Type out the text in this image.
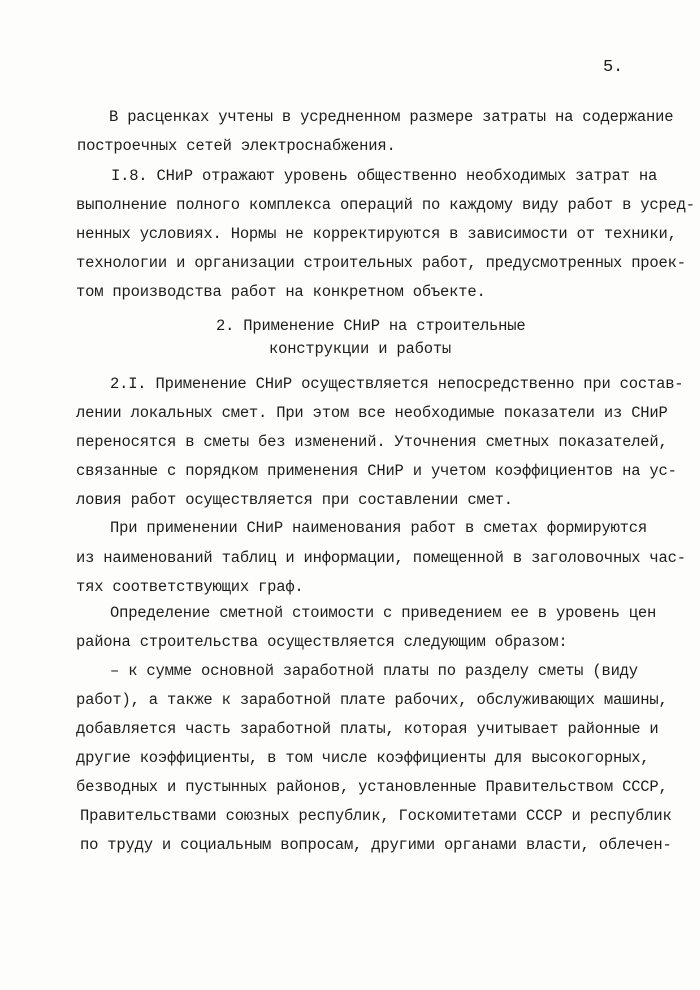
5.
В расценках учтены в усредненном размере затраты на содержание
построечных сетей электроснабжения.
I.8. СНиР отражают уровень общественно необходимых затрат на
выполнение полного комплекса операций по каждому виду работ в усред-
ненных условиях. Нормы не корректируются в зависимости от техники,
технологии и организации строительных работ, предусмотренных проек-
том производства работ на конкретном объекте.
2. Применение СНиР на строительные
конструкции и работы
2.I. Применение СНиР осуществляется непосредственно при состав-
лении локальных смет. При этом все необходимые показатели из СНиР
переносятся в сметы без изменений. Уточнения сметных показателей,
связанные с порядком применения СНиР и учетом коэффициентов на ус-
ловия работ осуществляется при составлении смет.
При применении СНиР наименования работ в сметах формируются
из наименований таблиц и информации, помещенной в заголовочных час-
тях соответствующих граф.
Определение сметной стоимости с приведением ее в уровень цен
района строительства осуществляется следующим образом:
– к сумме основной заработной платы по разделу сметы (виду
работ), а также к заработной плате рабочих, обслуживающих машины,
добавляется часть заработной платы, которая учитывает районные и
другие коэффициенты, в том числе коэффициенты для высокогорных,
безводных и пустынных районов, установленные Правительством СССР,
Правительствами союзных республик, Госкомитетами СССР и республик
по труду и социальным вопросам, другими органами власти, облечен-
